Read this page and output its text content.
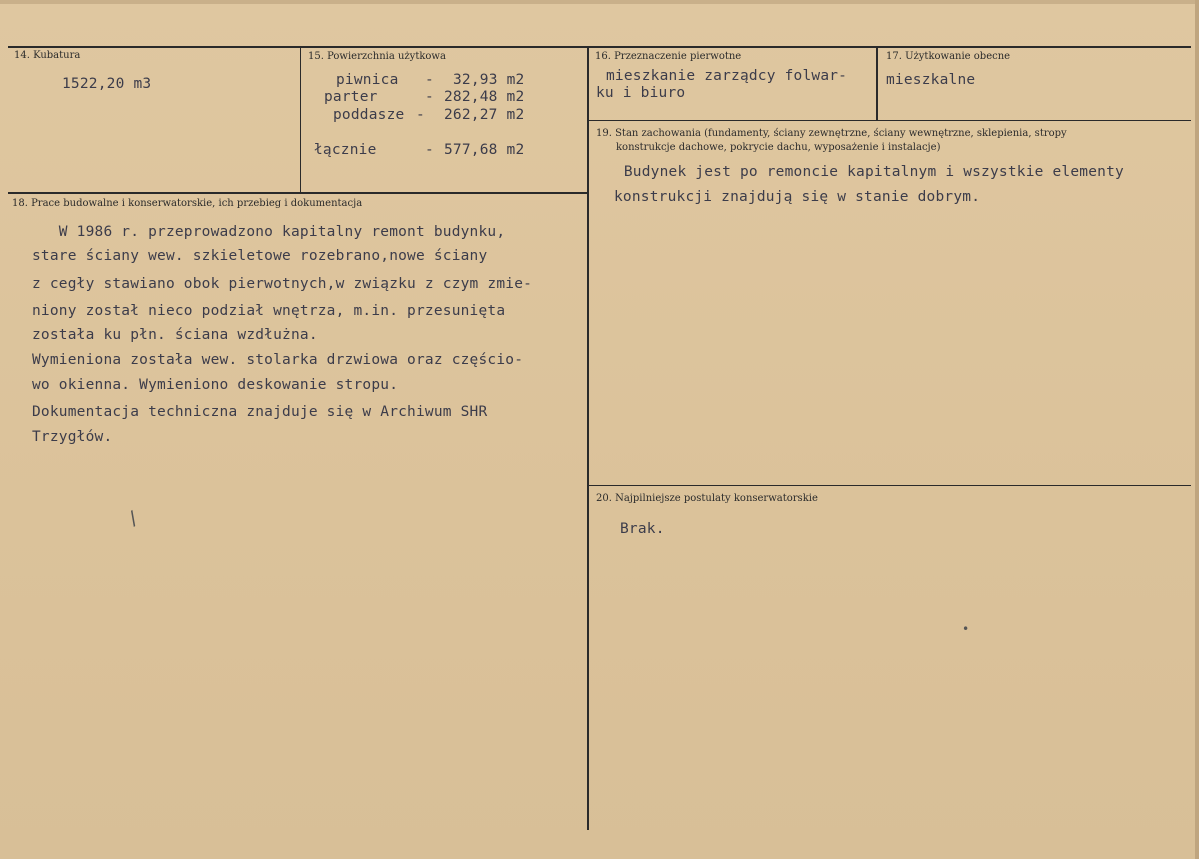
14. Kubatura
1522,20 m3
15. Powierzchnia użytkowa
piwnica - 32,93 m2
parter	- 282,48 m2
poddasze - 262,27 m2
łącznie	- 577,68 m2
16. Przeznaczenie pierwotne
mieszkanie zarządcy folwar-
ku i biuro
17. Użytkowanie obecne
mieszkalne
18. Prace budowalne i konserwatorskie, ich przebieg i dokumentacja
W 1986 r. przeprowadzono kapitalny remont budynku,
stare ściany wew. szkieletowe rozebrano,nowe ściany
z cegły stawiano obok pierwotnych,w związku z czym zmie-
niony został nieco podział wnętrza, m.in. przesunięta
została ku płn. ściana wzdłużna.
Wymieniona została wew. stolarka drzwiowa oraz częścio-
wo okienna. Wymieniono deskowanie stropu.
Dokumentacja techniczna znajduje się w Archiwum SHR
Trzygłów.
19. Stan zachowania (fundamenty, ściany zewnętrzne, ściany wewnętrzne, sklepienia, stropy
konstrukcje dachowe, pokrycie dachu, wyposażenie i instalacje)
Budynek jest po remoncie kapitalnym i wszystkie elementy
konstrukcji znajdują się w stanie dobrym.
20. Najpilniejsze postulaty konserwatorskie
Brak.
/
•
